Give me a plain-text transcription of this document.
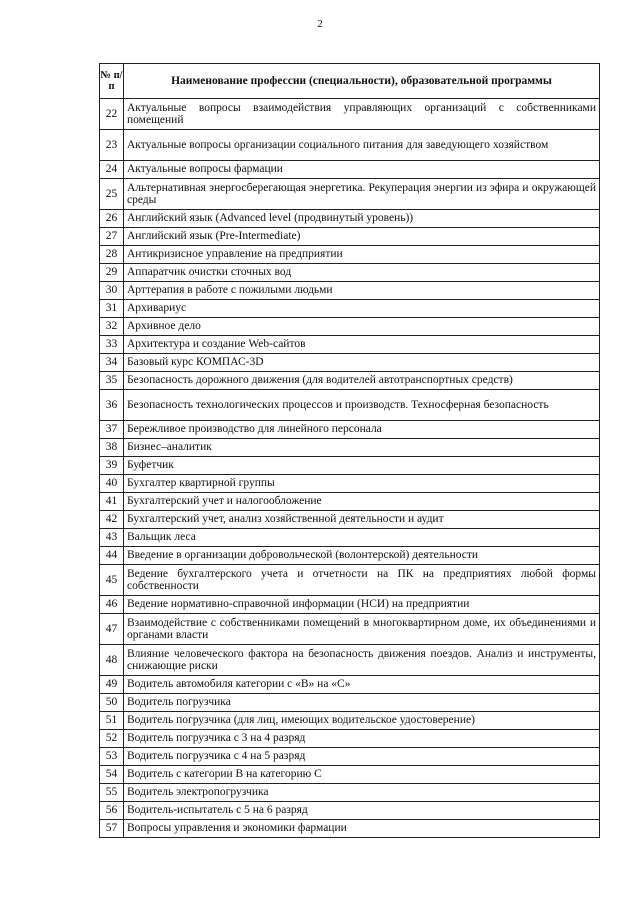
2
№ п/п	Наименование профессии (специальности), образовательной программы
22	Актуальные вопросы взаимодействия управляющих организаций с собственниками помещений
23	Актуальные вопросы организации социального питания для заведующего хозяйством
24	Актуальные вопросы фармации
25	Альтернативная энергосберегающая энергетика. Рекуперация энергии из эфира и окружающей среды
26	Английский язык (Advanced level (продвинутый уровень))
27	Английский язык (Pre-Intermediate)
28	Антикризисное управление на предприятии
29	Аппаратчик очистки сточных вод
30	Арттерапия в работе с пожилыми людьми
31	Архивариус
32	Архивное дело
33	Архитектура и создание Web-сайтов
34	Базовый курс КОМПАС-3D
35	Безопасность дорожного движения (для водителей автотранспортных средств)
36	Безопасность технологических процессов и производств. Техносферная безопасность
37	Бережливое производство для линейного персонала
38	Бизнес–аналитик
39	Буфетчик
40	Бухгалтер квартирной группы
41	Бухгалтерский учет и налогообложение
42	Бухгалтерский учет, анализ хозяйственной деятельности и аудит
43	Вальщик леса
44	Введение в организации добровольческой (волонтерской) деятельности
45	Ведение бухгалтерского учета и отчетности на ПК на предприятиях любой формы собственности
46	Ведение нормативно-справочной информации (НСИ) на предприятии
47	Взаимодействие с собственниками помещений в многоквартирном доме, их объединениями и органами власти
48	Влияние человеческого фактора на безопасность движения поездов. Анализ и инструменты, снижающие риски
49	Водитель автомобиля категории с «В» на «С»
50	Водитель погрузчика
51	Водитель погрузчика (для лиц, имеющих водительское удостоверение)
52	Водитель погрузчика с 3 на 4 разряд
53	Водитель погрузчика с 4 на 5 разряд
54	Водитель с категории В на категорию С
55	Водитель электропогрузчика
56	Водитель-испытатель с 5 на 6 разряд
57	Вопросы управления и экономики фармации
